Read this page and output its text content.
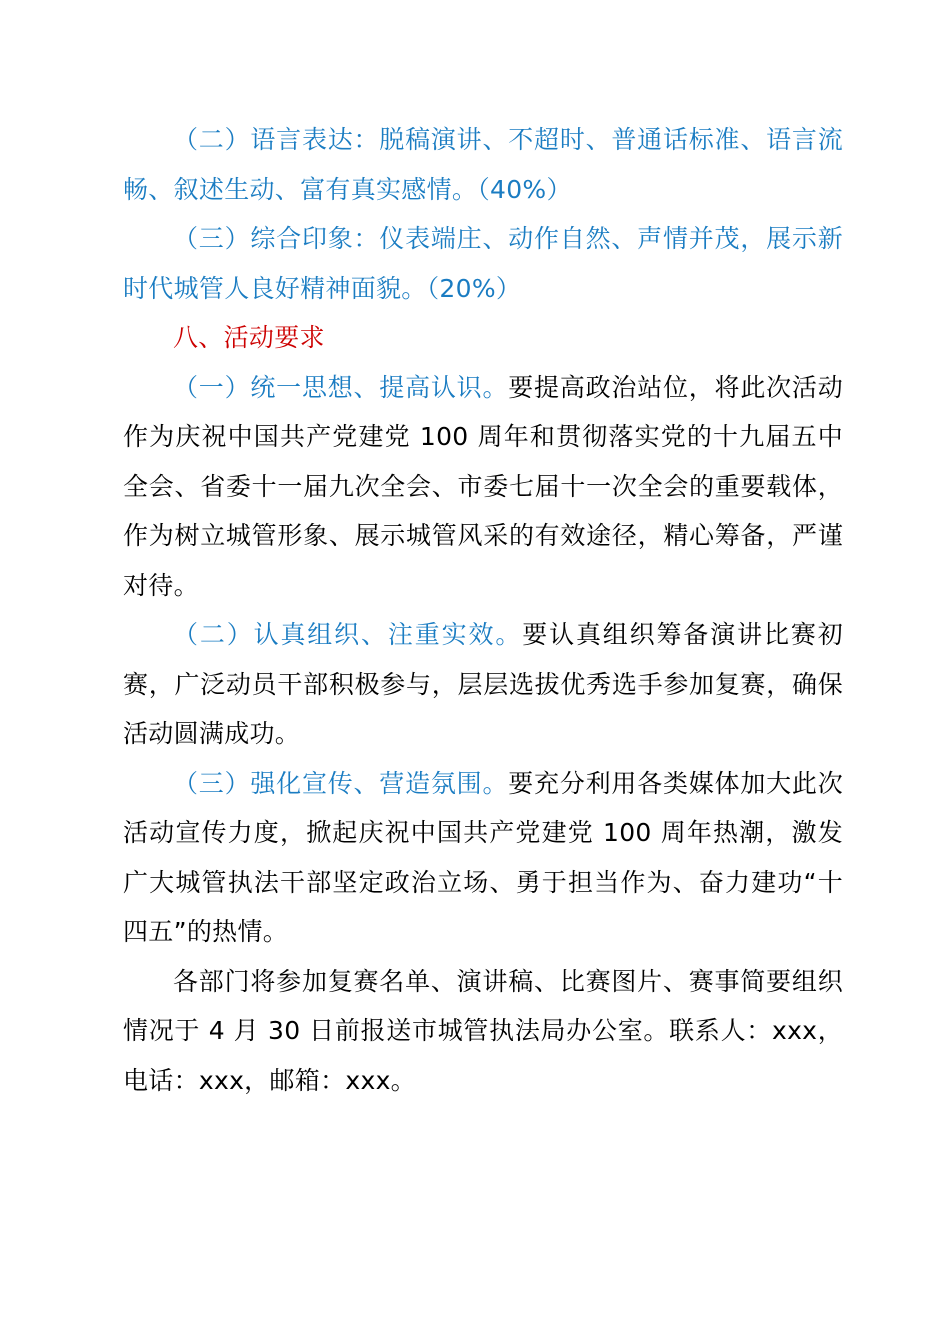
（二）语言表达：脱稿演讲、不超时、普通话标准、语言流畅、叙述生动、富有真实感情。（40%）

（三）综合印象：仪表端庄、动作自然、声情并茂，展示新时代城管人良好精神面貌。（20%）

八、活动要求

（一）统一思想、提高认识。要提高政治站位，将此次活动作为庆祝中国共产党建党 100 周年和贯彻落实党的十九届五中全会、省委十一届九次全会、市委七届十一次全会的重要载体，作为树立城管形象、展示城管风采的有效途径，精心筹备，严谨对待。

（二）认真组织、注重实效。要认真组织筹备演讲比赛初赛，广泛动员干部积极参与，层层选拔优秀选手参加复赛，确保活动圆满成功。

（三）强化宣传、营造氛围。要充分利用各类媒体加大此次活动宣传力度，掀起庆祝中国共产党建党 100 周年热潮，激发广大城管执法干部坚定政治立场、勇于担当作为、奋力建功“十四五”的热情。

各部门将参加复赛名单、演讲稿、比赛图片、赛事简要组织情况于 4 月 30 日前报送市城管执法局办公室。联系人：xxx，电话：xxx，邮箱：xxx。
